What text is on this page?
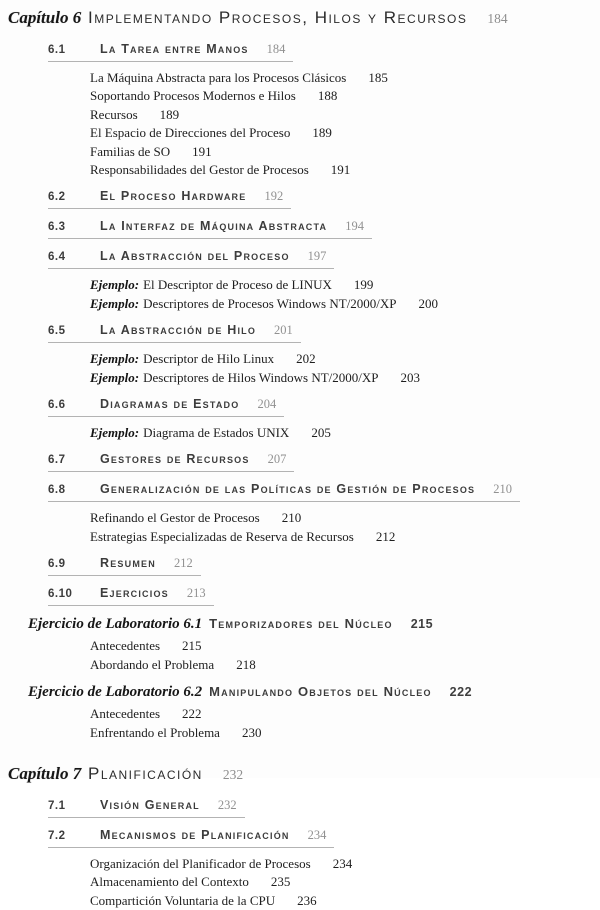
Capítulo 6 Implementando Procesos, Hilos y Recursos 184
6.1	La Tarea entre Manos 184
La Máquina Abstracta para los Procesos Clásicos 185
Soportando Procesos Modernos e Hilos 188
Recursos 189
El Espacio de Direcciones del Proceso 189
Familias de SO 191
Responsabilidades del Gestor de Procesos 191
6.2	El Proceso Hardware 192
6.3	La Interfaz de Máquina Abstracta 194
6.4	La Abstracción del Proceso 197
Ejemplo: El Descriptor de Proceso de LINUX 199
Ejemplo: Descriptores de Procesos Windows NT/2000/XP 200
6.5	La Abstracción de Hilo 201
Ejemplo: Descriptor de Hilo Linux 202
Ejemplo: Descriptores de Hilos Windows NT/2000/XP 203
6.6	Diagramas de Estado 204
Ejemplo: Diagrama de Estados UNIX 205
6.7	Gestores de Recursos 207
6.8	Generalización de las Políticas de Gestión de Procesos 210
Refinando el Gestor de Procesos 210
Estrategias Especializadas de Reserva de Recursos 212
6.9	Resumen 212
6.10 Ejercicios 213
Ejercicio de Laboratorio 6.1 Temporizadores del Núcleo 215
Antecedentes 215
Abordando el Problema 218
Ejercicio de Laboratorio 6.2 Manipulando Objetos del Núcleo 222
Antecedentes 222
Enfrentando el Problema 230
Capítulo 7 Planificación 232
7.1	Visión General 232
7.2	Mecanismos de Planificación 234
Organización del Planificador de Procesos 234
Almacenamiento del Contexto 235
Compartición Voluntaria de la CPU 236
